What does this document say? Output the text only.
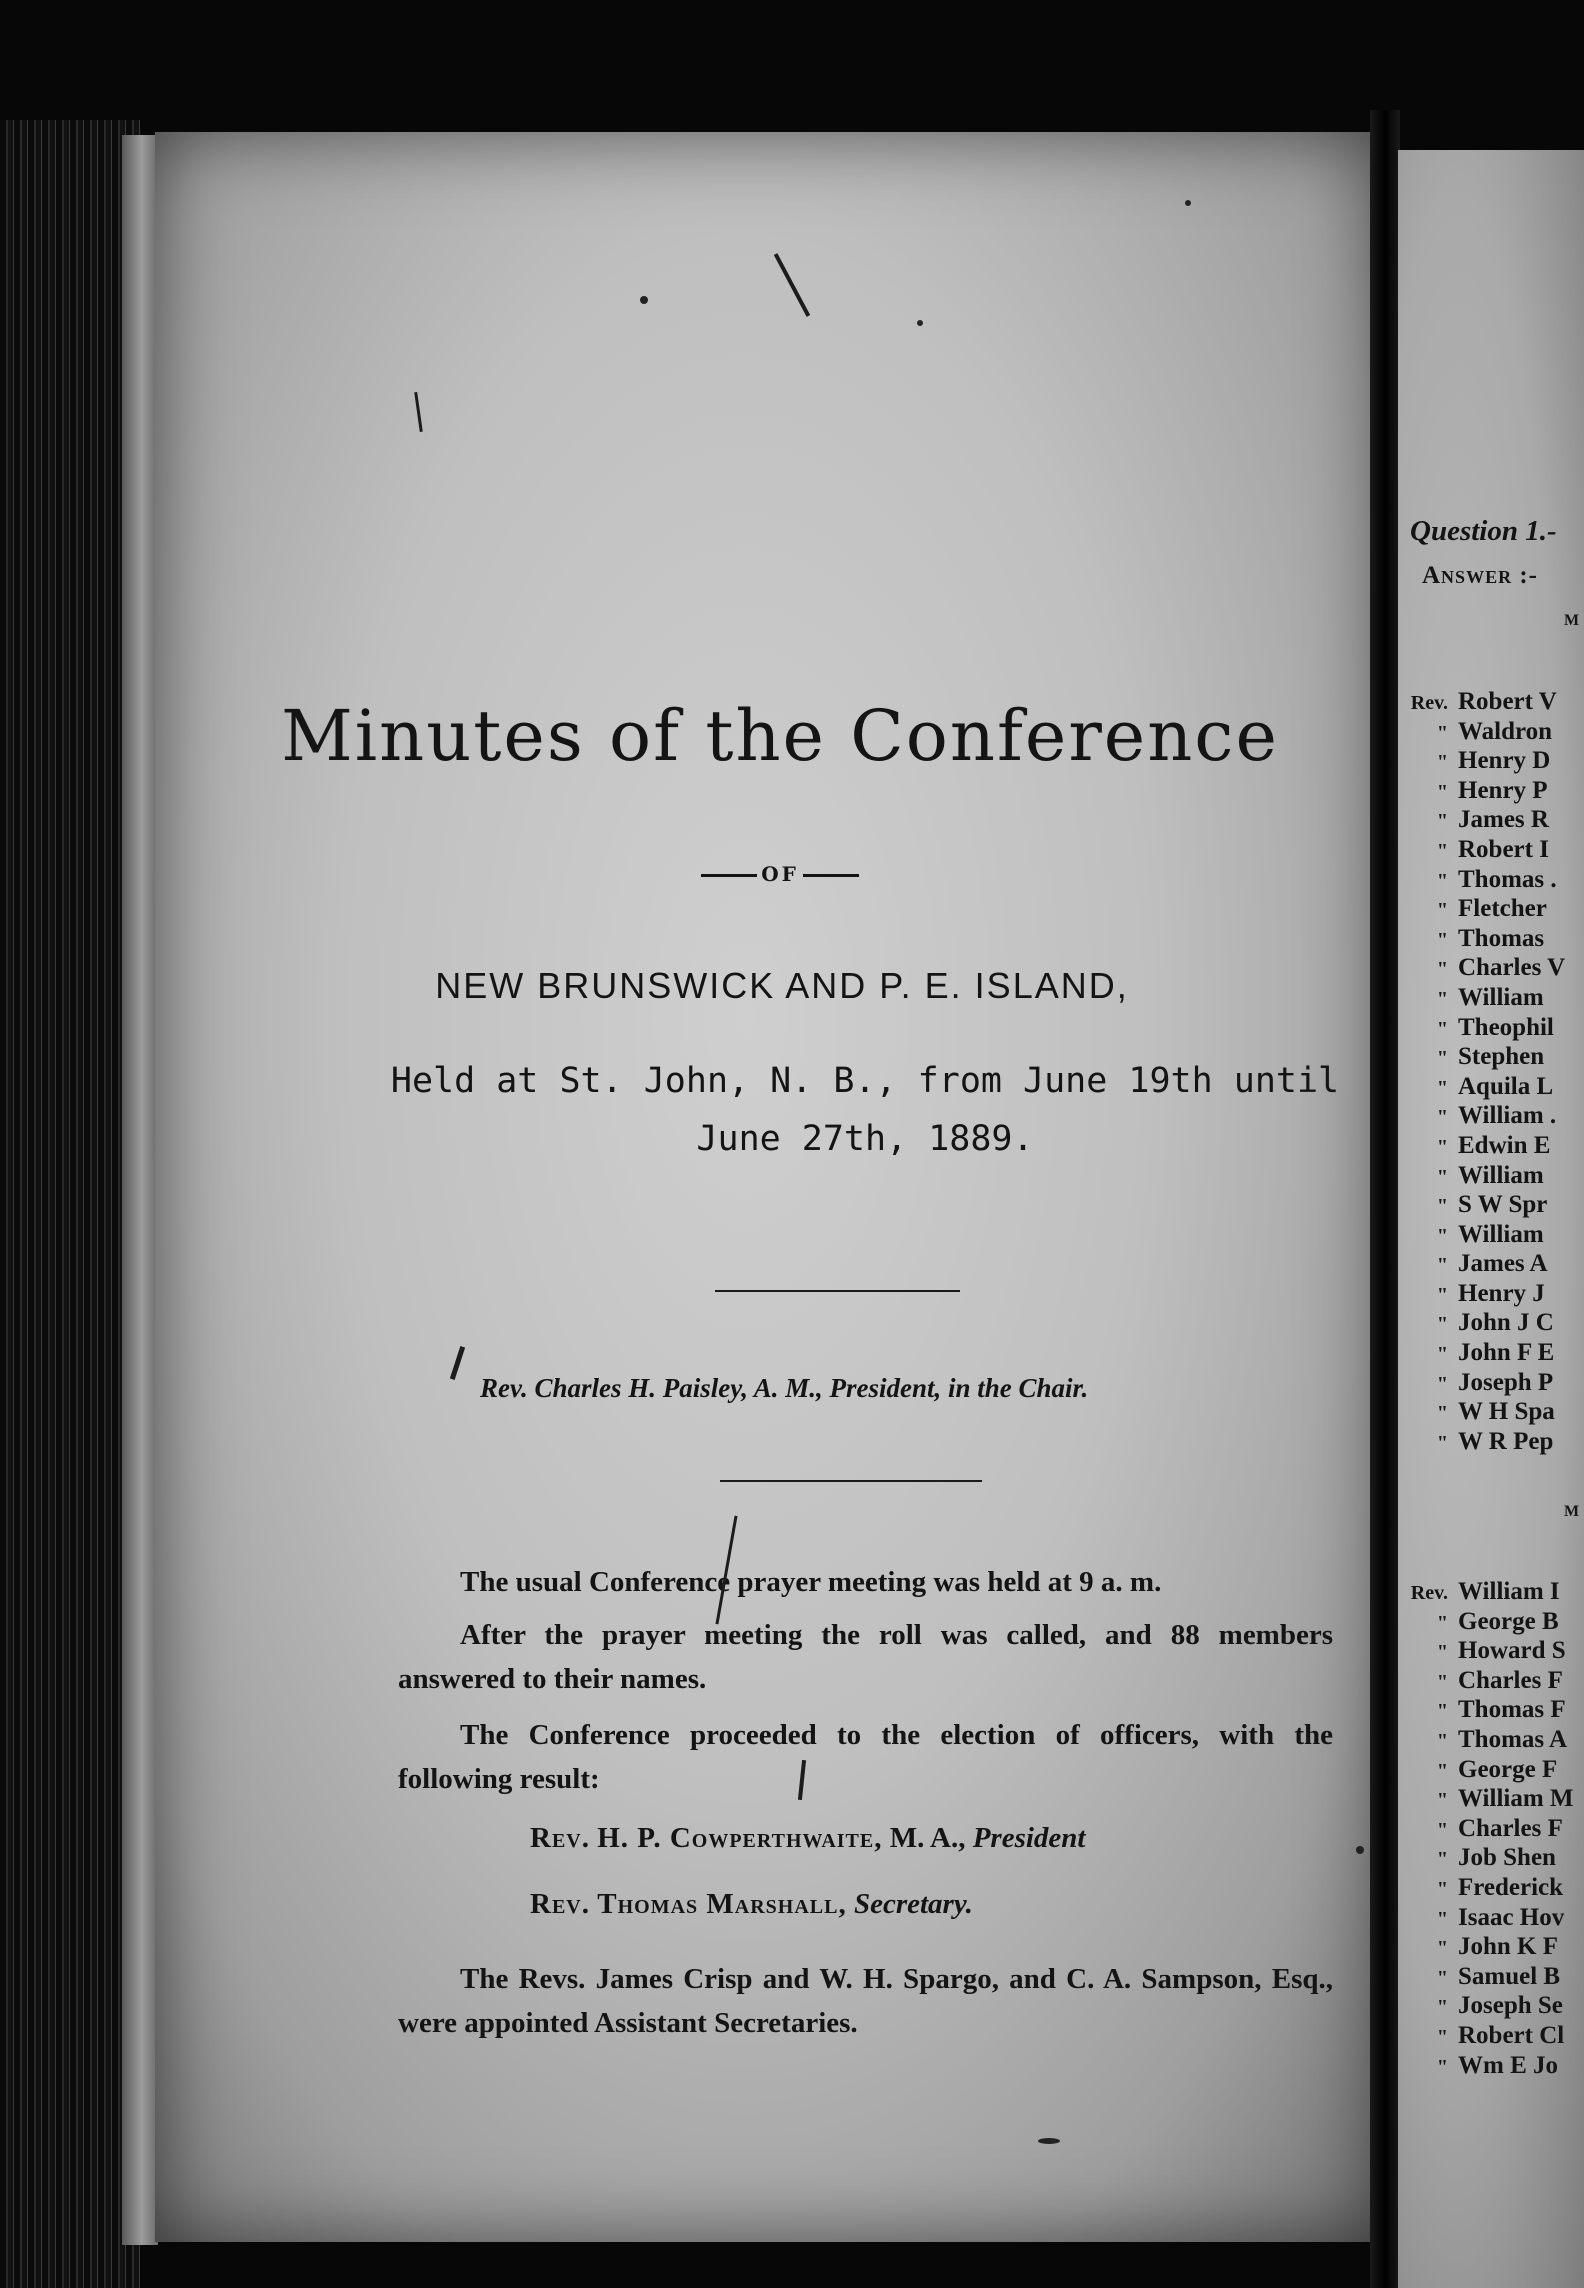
Minutes of the Conference
OF
NEW BRUNSWICK AND P. E. ISLAND,
Held at St. John, N. B., from June 19th until
June 27th, 1889.
Rev. Charles H. Paisley, A. M., President, in the Chair.

The usual Conference prayer meeting was held at 9 a. m.

After the prayer meeting the roll was called, and 88 members answered to their names.

The Conference proceeded to the election of officers, with the following result:

Rev. H. P. Cowperthwaite, M. A., President
Rev. Thomas Marshall, Secretary.

The Revs. James Crisp and W. H. Spargo, and C. A. Sampson, Esq., were appointed Assistant Secretaries.

Question 1.-
Answer :-
M
Rev. Robert V
" Waldron
" Henry D
" Henry P
" James R
" Robert I
" Thomas .
" Fletcher
" Thomas
" Charles V
" William
" Theophil
" Stephen
" Aquila L
" William .
" Edwin E
" William
" S W Spr
" William
" James A
" Henry J
" John J C
" John F E
" Joseph P
" W H Spa
" W R Pep
M
Rev. William I
" George B
" Howard S
" Charles F
" Thomas F
" Thomas A
" George F
" William M
" Charles F
" Job Shen
" Frederick
" Isaac Hov
" John K F
" Samuel B
" Joseph Se
" Robert Cl
" Wm E Jo
